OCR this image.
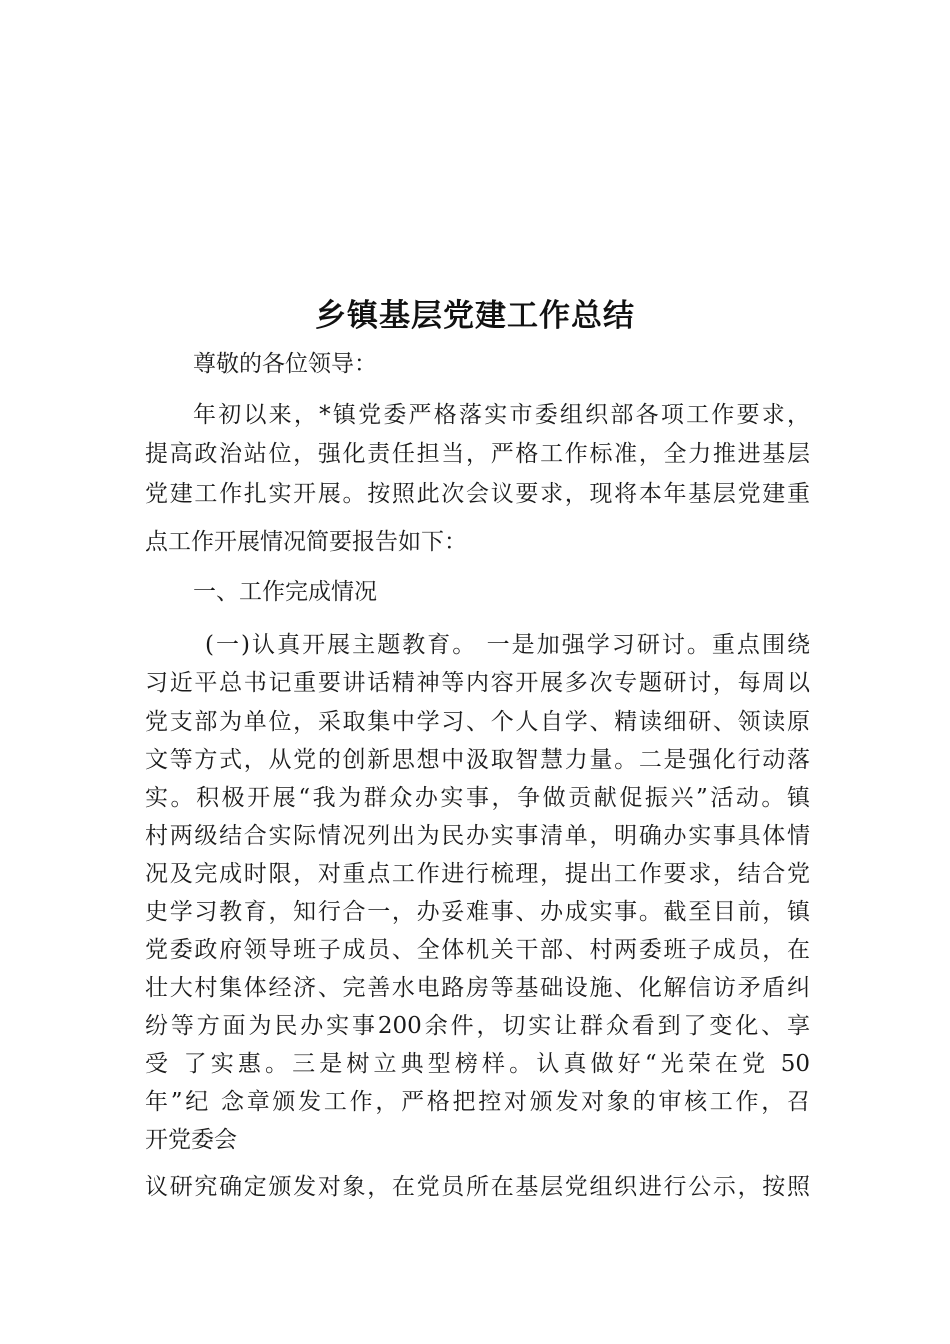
乡镇基层党建工作总结
尊敬的各位领导：
年初以来，*镇党委严格落实市委组织部各项工作要求，
提高政治站位，强化责任担当，严格工作标准，全力推进基层
党建工作扎实开展。按照此次会议要求，现将本年基层党建重
点工作开展情况简要报告如下：
一、工作完成情况
(一)认真开展主题教育。 一是加强学习研讨。重点围绕
习近平总书记重要讲话精神等内容开展多次专题研讨，每周以
党支部为单位，采取集中学习、个人自学、精读细研、领读原
文等方式，从党的创新思想中汲取智慧力量。二是强化行动落
实。积极开展“我为群众办实事，争做贡献促振兴”活动。镇
村两级结合实际情况列出为民办实事清单，明确办实事具体情
况及完成时限，对重点工作进行梳理，提出工作要求，结合党
史学习教育，知行合一，办妥难事、办成实事。截至目前，镇
党委政府领导班子成员、全体机关干部、村两委班子成员，在
壮大村集体经济、完善水电路房等基础设施、化解信访矛盾纠
纷等方面为民办实事200余件，切实让群众看到了变化、享
受 了实惠。三是树立典型榜样。认真做好“光荣在党 50
年”纪 念章颁发工作，严格把控对颁发对象的审核工作，召
开党委会
议研究确定颁发对象，在党员所在基层党组织进行公示，按照
